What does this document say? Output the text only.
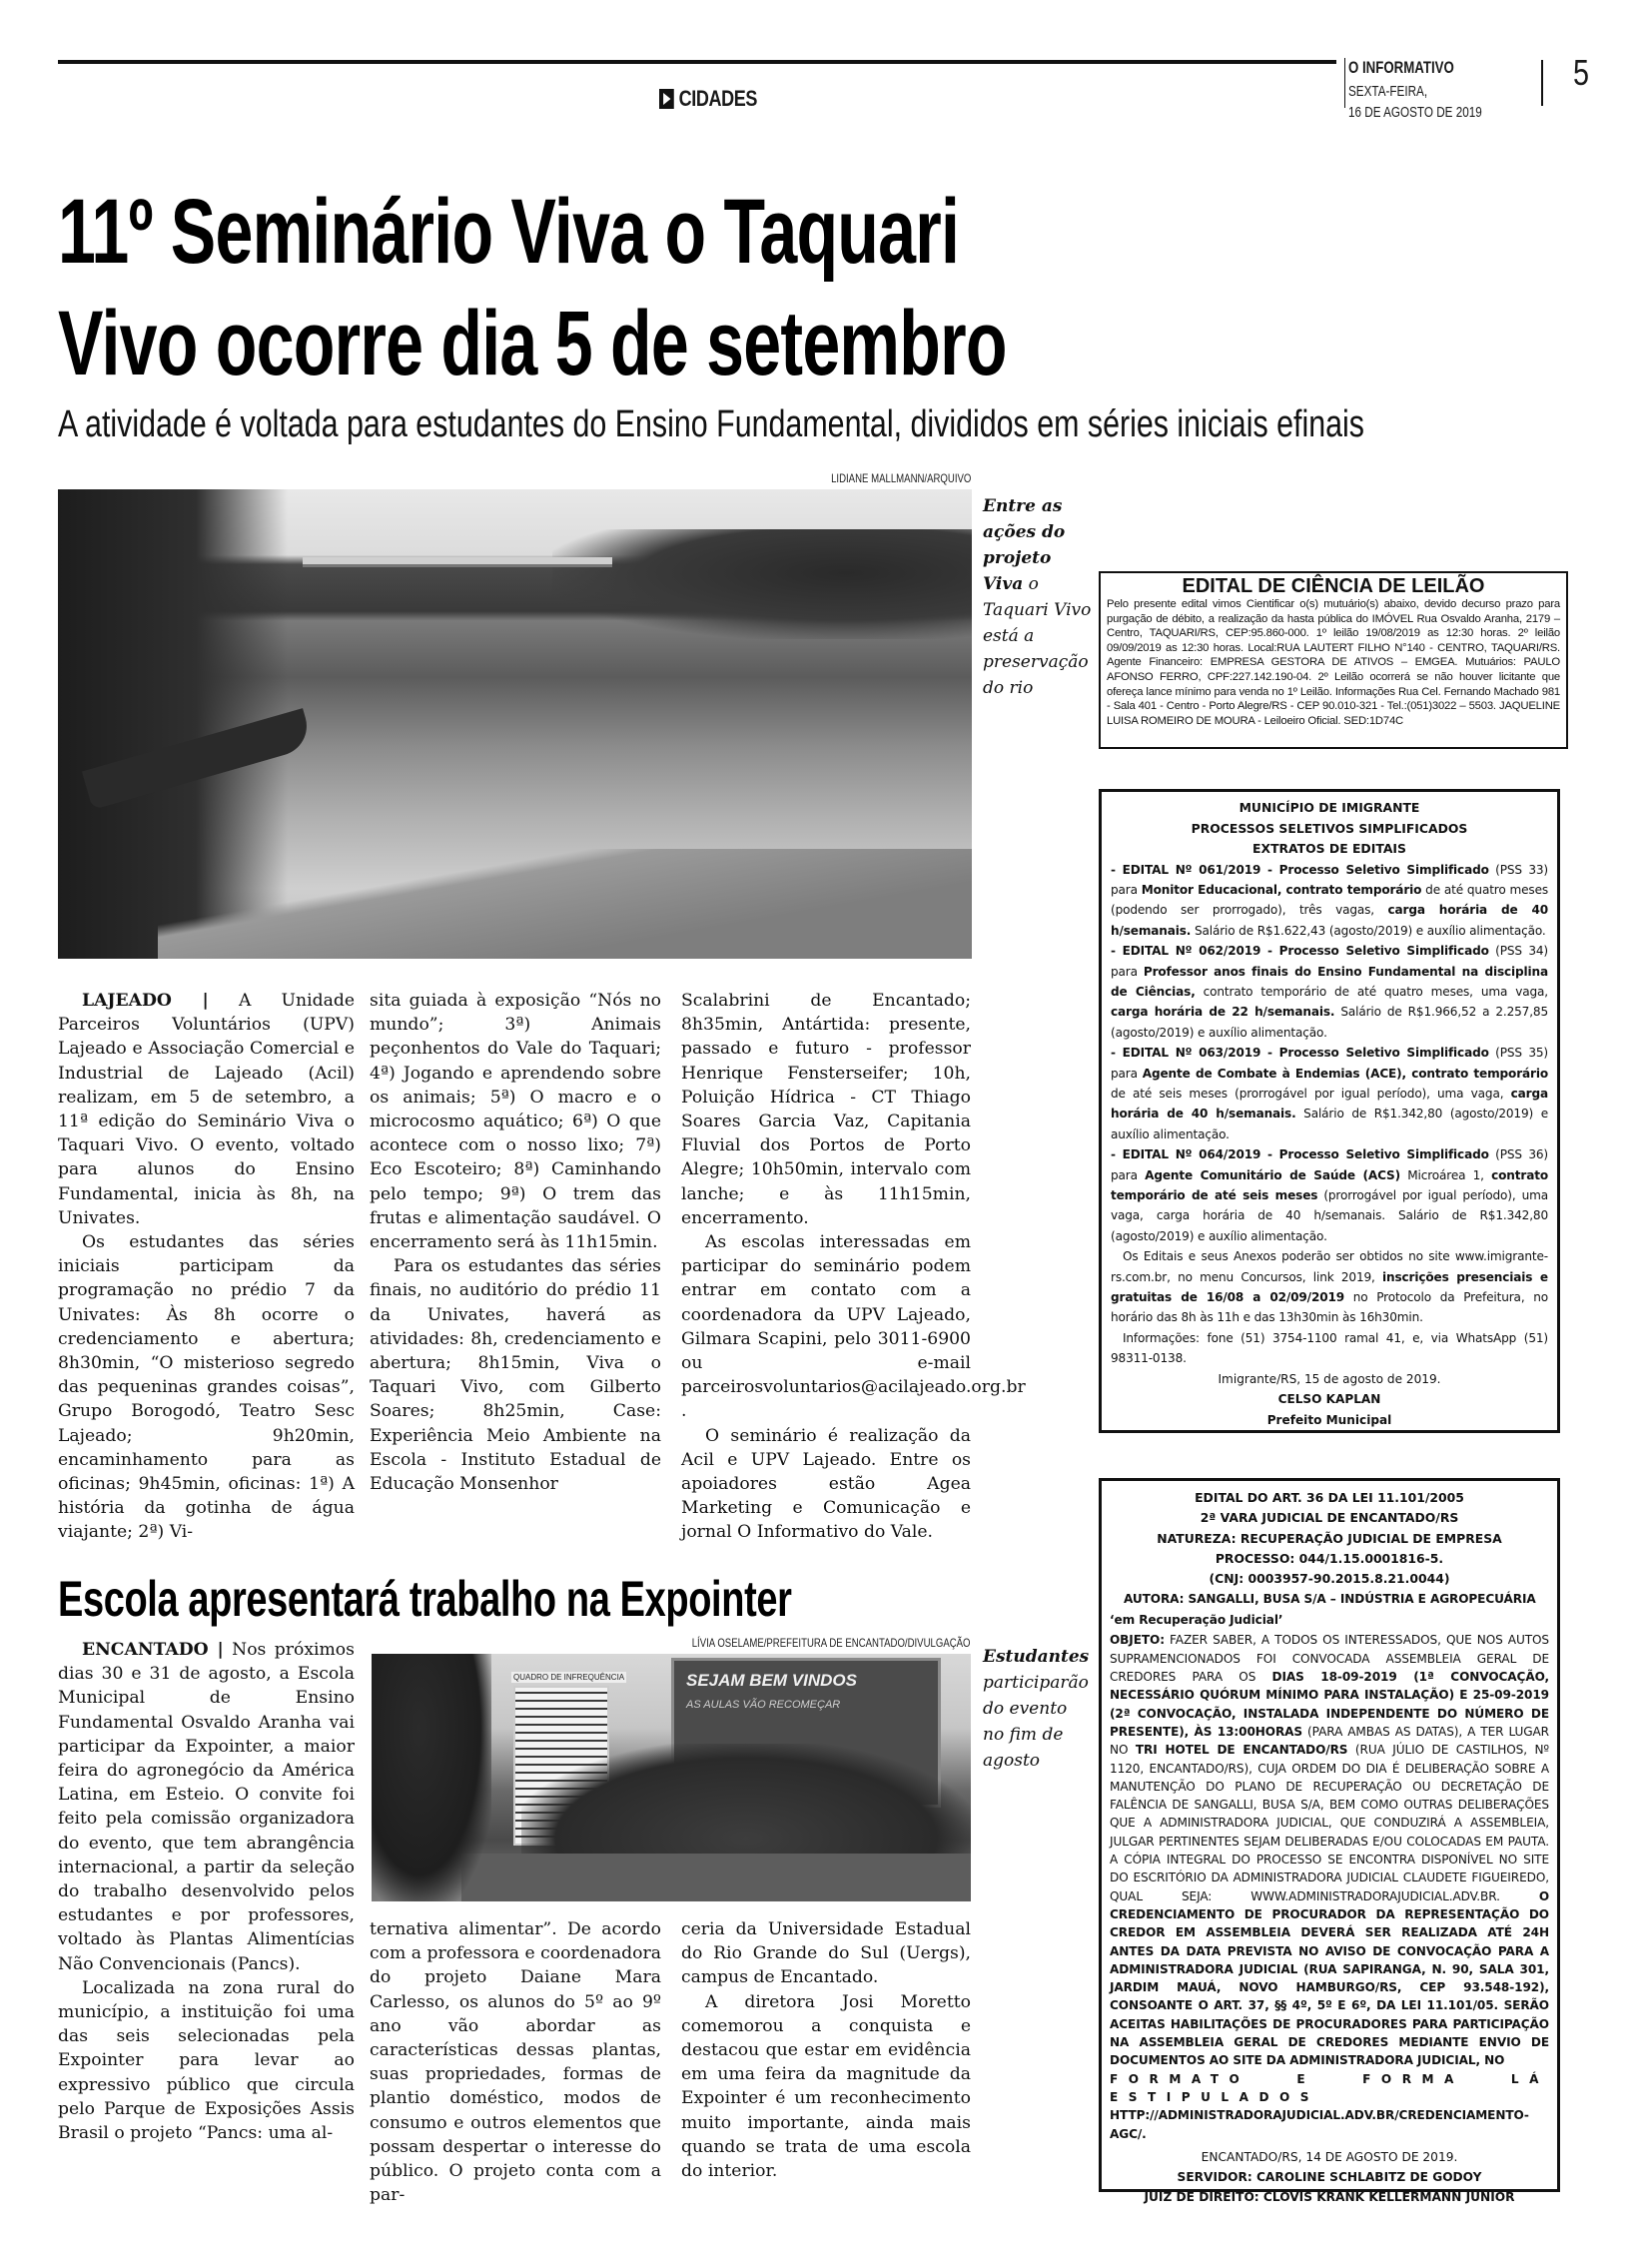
CIDADES
O INFORMATIVO
SEXTA-FEIRA,
16 DE AGOSTO DE 2019
5
11º Seminário Viva o Taquari
Vivo ocorre dia 5 de setembro
A atividade é voltada para estudantes do Ensino Fundamental, divididos em séries iniciais efinais
LIDIANE MALLMANN/ARQUIVO
Entre as ações do projeto Viva o Taquari Vivo está a preservação do rio

LAJEADO | A Unidade Parceiros Voluntários (UPV) Lajeado e Associação Comercial e Industrial de Lajeado (Acil) realizam, em 5 de setembro, a 11ª edição do Seminário Viva o Taquari Vivo. O evento, voltado para alunos do Ensino Fundamental, inicia às 8h, na Univates.

Os estudantes das séries iniciais participam da programação no prédio 7 da Univates: Às 8h ocorre o credenciamento e abertura; 8h30min, “O misterioso segredo das pequeninas grandes coisas”, Grupo Borogodó, Teatro Sesc Lajeado; 9h20min, encaminhamento para as oficinas; 9h45min, oficinas: 1ª) A história da gotinha de água viajante; 2ª) Vi-

sita guiada à exposição “Nós no mundo”; 3ª) Animais peçonhentos do Vale do Taquari; 4ª) Jogando e aprendendo sobre os animais; 5ª) O macro e o microcosmo aquático; 6ª) O que acontece com o nosso lixo; 7ª) Eco Escoteiro; 8ª) Caminhando pelo tempo; 9ª) O trem das frutas e alimentação saudável. O encerramento será às 11h15min.

Para os estudantes das séries finais, no auditório do prédio 11 da Univates, haverá as atividades: 8h, credenciamento e abertura; 8h15min, Viva o Taquari Vivo, com Gilberto Soares; 8h25min, Case: Experiência Meio Ambiente na Escola - Instituto Estadual de Educação Monsenhor

Scalabrini de Encantado; 8h35min, Antártida: presente, passado e futuro - professor Henrique Fensterseifer; 10h, Poluição Hídrica - CT Thiago Soares Garcia Vaz, Capitania Fluvial dos Portos de Porto Alegre; 10h50min, intervalo com lanche; e às 11h15min, encerramento.

As escolas interessadas em participar do seminário podem entrar em contato com a coordenadora da UPV Lajeado, Gilmara Scapini, pelo 3011-6900 ou e-mail parceirosvoluntarios@acilajeado.org.br .

O seminário é realização da Acil e UPV Lajeado. Entre os apoiadores estão Agea Marketing e Comunicação e jornal O Informativo do Vale.

Escola apresentará trabalho na Expointer
LÍVIA OSELAME/PREFEITURA DE ENCANTADO/DIVULGAÇÃO
SEJAM BEM VINDOS
AS AULAS VÃO RECOMEÇAR
QUADRO DE INFREQUÊNCIA
Estudantes participarão do evento no fim de agosto

ENCANTADO | Nos próximos dias 30 e 31 de agosto, a Escola Municipal de Ensino Fundamental Osvaldo Aranha vai participar da Expointer, a maior feira do agronegócio da América Latina, em Esteio. O convite foi feito pela comissão organizadora do evento, que tem abrangência internacional, a partir da seleção do trabalho desenvolvido pelos estudantes e por professores, voltado às Plantas Alimentícias Não Convencionais (Pancs).

Localizada na zona rural do município, a instituição foi uma das seis selecionadas pela Expointer para levar ao expressivo público que circula pelo Parque de Exposições Assis Brasil o projeto “Pancs: uma al-

ternativa alimentar”. De acordo com a professora e coordenadora do projeto Daiane Mara Carlesso, os alunos do 5º ao 9º ano vão abordar as características dessas plantas, suas propriedades, formas de plantio doméstico, modos de consumo e outros elementos que possam despertar o interesse do público. O projeto conta com a par-

ceria da Universidade Estadual do Rio Grande do Sul (Uergs), campus de Encantado.

A diretora Josi Moretto comemorou a conquista e destacou que estar em evidência em uma feira da magnitude da Expointer é um reconhecimento muito importante, ainda mais quando se trata de uma escola do interior.

EDITAL DE CIÊNCIA DE LEILÃO
Pelo presente edital vimos Cientificar o(s) mutuário(s) abaixo, devido decurso prazo para purgação de débito, a realização da hasta pública do IMÓVEL Rua Osvaldo Aranha, 2179 – Centro, TAQUARI/RS, CEP:95.860-000. 1º leilão 19/08/2019 as 12:30 horas. 2º leilão 09/09/2019 as 12:30 horas. Local:RUA LAUTERT FILHO N°140 - CENTRO, TAQUARI/RS. Agente Financeiro: EMPRESA GESTORA DE ATIVOS – EMGEA. Mutuários: PAULO AFONSO FERRO, CPF:227.142.190-04. 2º Leilão ocorrerá se não houver licitante que ofereça lance mínimo para venda no 1º Leilão. Informações Rua Cel. Fernando Machado 981 - Sala 401 - Centro - Porto Alegre/RS - CEP 90.010-321 - Tel.:(051)3022 – 5503. JAQUELINE LUISA ROMEIRO DE MOURA - Leiloeiro Oficial. SED:1D74C
MUNICÍPIO DE IMIGRANTE
PROCESSOS SELETIVOS SIMPLIFICADOS
EXTRATOS DE EDITAIS

- EDITAL Nº 061/2019 - Processo Seletivo Simplificado (PSS 33) para Monitor Educacional, contrato temporário de até quatro meses (podendo ser prorrogado), três vagas, carga horária de 40 h/semanais. Salário de R$1.622,43 (agosto/2019) e auxílio alimentação.

- EDITAL Nº 062/2019 - Processo Seletivo Simplificado (PSS 34) para Professor anos finais do Ensino Fundamental na disciplina de Ciências, contrato temporário de até quatro meses, uma vaga, carga horária de 22 h/semanais. Salário de R$1.966,52 a 2.257,85 (agosto/2019) e auxílio alimentação.

- EDITAL Nº 063/2019 - Processo Seletivo Simplificado (PSS 35) para Agente de Combate à Endemias (ACE), contrato temporário de até seis meses (prorrogável por igual período), uma vaga, carga horária de 40 h/semanais. Salário de R$1.342,80 (agosto/2019) e auxílio alimentação.

- EDITAL Nº 064/2019 - Processo Seletivo Simplificado (PSS 36) para Agente Comunitário de Saúde (ACS) Microárea 1, contrato temporário de até seis meses (prorrogável por igual período), uma vaga, carga horária de 40 h/semanais. Salário de R$1.342,80 (agosto/2019) e auxílio alimentação.

Os Editais e seus Anexos poderão ser obtidos no site www.imigrante-rs.com.br, no menu Concursos, link 2019, inscrições presenciais e gratuitas de 16/08 a 02/09/2019 no Protocolo da Prefeitura, no horário das 8h às 11h e das 13h30min às 16h30min.

Informações: fone (51) 3754-1100 ramal 41, e, via WhatsApp (51) 98311-0138.

Imigrante/RS, 15 de agosto de 2019.
CELSO KAPLAN
Prefeito Municipal
EDITAL DO ART. 36 DA LEI 11.101/2005
2ª VARA JUDICIAL DE ENCANTADO/RS
NATUREZA: RECUPERAÇÃO JUDICIAL DE EMPRESA
PROCESSO: 044/1.15.0001816-5.
(CNJ: 0003957-90.2015.8.21.0044)

AUTORA: SANGALLI, BUSA S/A – INDÚSTRIA E AGROPECUÁRIA

‘em Recuperação Judicial’

OBJETO: FAZER SABER, A TODOS OS INTERESSADOS, QUE NOS AUTOS SUPRAMENCIONADOS FOI CONVOCADA ASSEMBLEIA GERAL DE CREDORES PARA OS DIAS 18-09-2019 (1ª CONVOCAÇÃO, NECESSÁRIO QUÓRUM MÍNIMO PARA INSTALAÇÃO) E 25-09-2019 (2ª CONVOCAÇÃO, INSTALADA INDEPENDENTE DO NÚMERO DE PRESENTE), ÀS 13:00HORAS (PARA AMBAS AS DATAS), A TER LUGAR NO TRI HOTEL DE ENCANTADO/RS (RUA JÚLIO DE CASTILHOS, Nº 1120, ENCANTADO/RS), CUJA ORDEM DO DIA É DELIBERAÇÃO SOBRE A MANUTENÇÃO DO PLANO DE RECUPERAÇÃO OU DECRETAÇÃO DE FALÊNCIA DE SANGALLI, BUSA S/A, BEM COMO OUTRAS DELIBERAÇÕES QUE A ADMINISTRADORA JUDICIAL, QUE CONDUZIRÁ A ASSEMBLEIA, JULGAR PERTINENTES SEJAM DELIBERADAS E/OU COLOCADAS EM PAUTA. A CÓPIA INTEGRAL DO PROCESSO SE ENCONTRA DISPONÍVEL NO SITE DO ESCRITÓRIO DA ADMINISTRADORA JUDICIAL CLAUDETE FIGUEIREDO, QUAL SEJA: WWW.ADMINISTRADORAJUDICIAL.ADV.BR. O CREDENCIAMENTO DE PROCURADOR DA REPRESENTAÇÃO DO CREDOR EM ASSEMBLEIA DEVERÁ SER REALIZADA ATÉ 24H ANTES DA DATA PREVISTA NO AVISO DE CONVOCAÇÃO PARA A ADMINISTRADORA JUDICIAL (RUA SAPIRANGA, N. 90, SALA 301, JARDIM MAUÁ, NOVO HAMBURGO/RS, CEP 93.548-192), CONSOANTE O ART. 37, §§ 4º, 5º E 6º, DA LEI 11.101/05. SERÃO ACEITAS HABILITAÇÕES DE PROCURADORES PARA PARTICIPAÇÃO NA ASSEMBLEIA GERAL DE CREDORES MEDIANTE ENVIO DE DOCUMENTOS AO SITE DA ADMINISTRADORA JUDICIAL, NO

FORMATO E FORMA LÁ ESTIPULADOS

HTTP://ADMINISTRADORAJUDICIAL.ADV.BR/CREDENCIAMENTO-AGC/.

ENCANTADO/RS, 14 DE AGOSTO DE 2019.
SERVIDOR: CAROLINE SCHLABITZ DE GODOY
JUIZ DE DIREITO: CLÓVIS KRANK KELLERMANN JUNIOR
